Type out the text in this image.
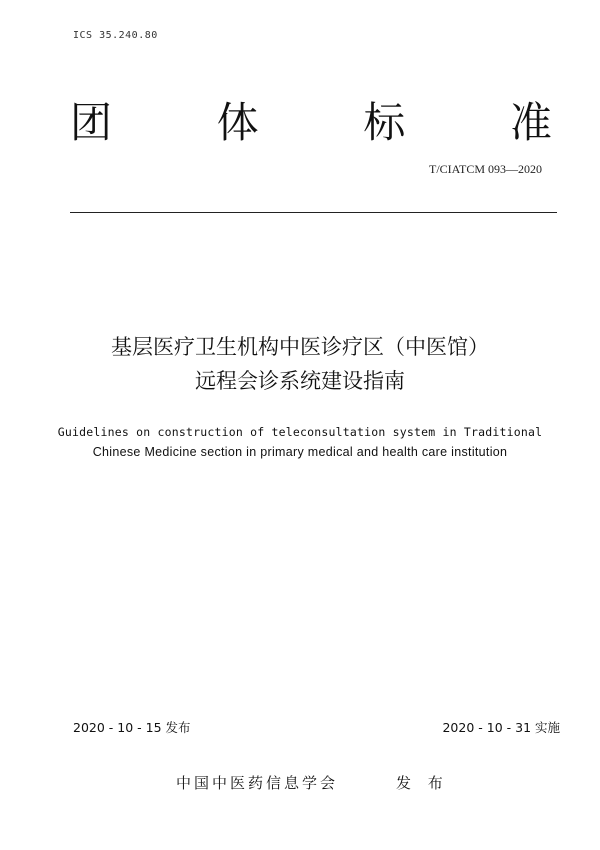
ICS 35.240.80
团 体 标 准
T/CIATCM 093—2020
基层医疗卫生机构中医诊疗区（中医馆）
远程会诊系统建设指南
Guidelines on construction of teleconsultation system in Traditional
Chinese Medicine section in primary medical and health care institution
2020 - 10 - 15 发布	2020 - 10 - 31 实施
中国中医药信息学会	发 布
